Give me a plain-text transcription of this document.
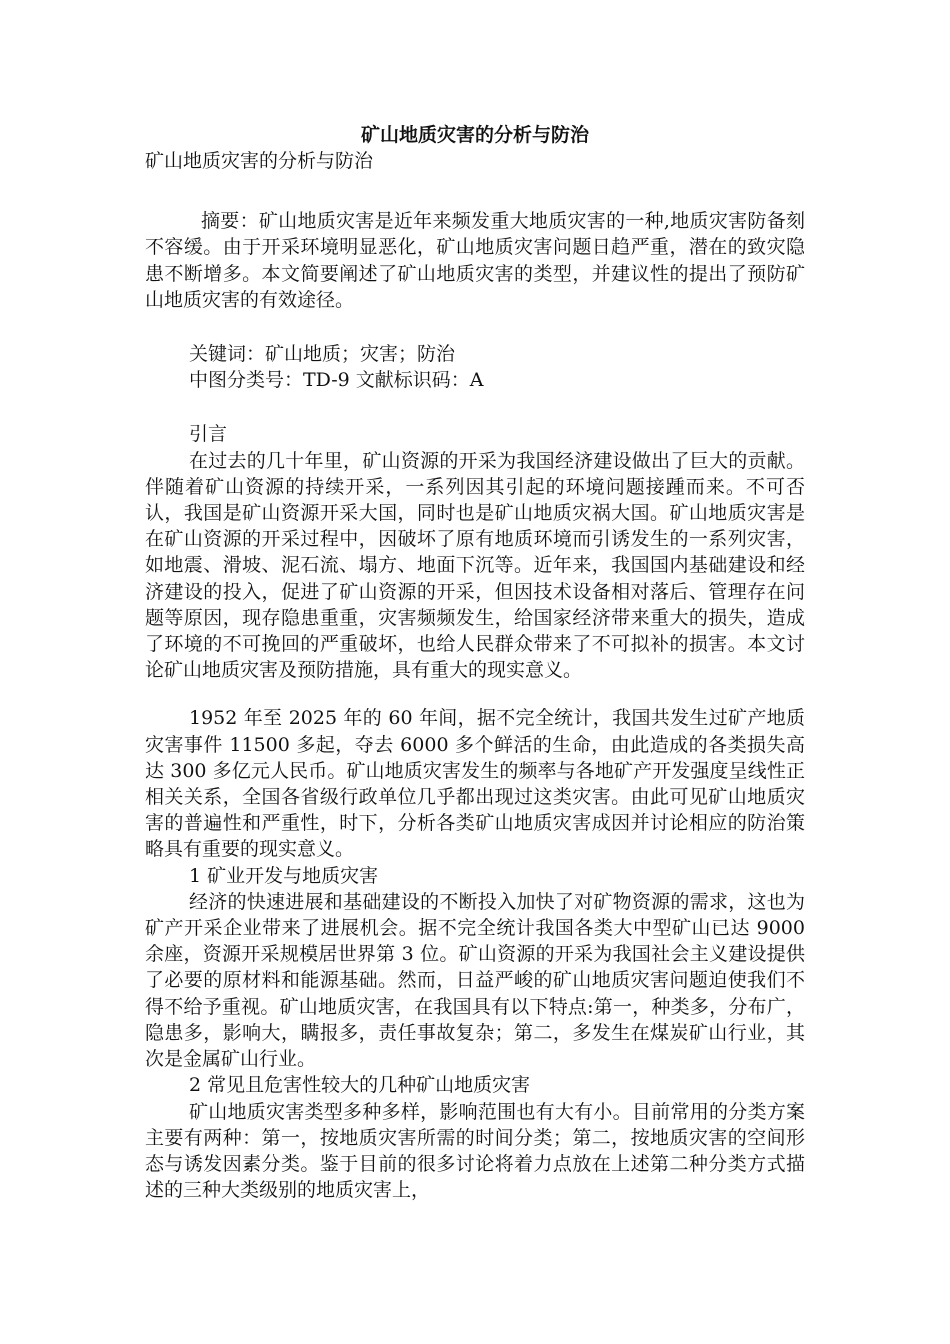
矿山地质灾害的分析与防治
矿山地质灾害的分析与防治
摘要：矿山地质灾害是近年来频发重大地质灾害的一种,地质灾害防备刻不容缓。由于开采环境明显恶化，矿山地质灾害问题日趋严重，潜在的致灾隐患不断增多。本文简要阐述了矿山地质灾害的类型，并建议性的提出了预防矿山地质灾害的有效途径。
关键词：矿山地质；灾害；防治
中图分类号：TD-9 文献标识码：A
引言
在过去的几十年里，矿山资源的开采为我国经济建设做出了巨大的贡献。伴随着矿山资源的持续开采，一系列因其引起的环境问题接踵而来。不可否认，我国是矿山资源开采大国，同时也是矿山地质灾祸大国。矿山地质灾害是在矿山资源的开采过程中，因破坏了原有地质环境而引诱发生的一系列灾害，如地震、滑坡、泥石流、塌方、地面下沉等。近年来，我国国内基础建设和经济建设的投入，促进了矿山资源的开采，但因技术设备相对落后、管理存在问题等原因，现存隐患重重，灾害频频发生，给国家经济带来重大的损失，造成了环境的不可挽回的严重破坏，也给人民群众带来了不可拟补的损害。本文讨论矿山地质灾害及预防措施，具有重大的现实意义。
1952 年至 2025 年的 60 年间，据不完全统计，我国共发生过矿产地质灾害事件 11500 多起，夺去 6000 多个鲜活的生命，由此造成的各类损失高达 300 多亿元人民币。矿山地质灾害发生的频率与各地矿产开发强度呈线性正相关关系，全国各省级行政单位几乎都出现过这类灾害。由此可见矿山地质灾害的普遍性和严重性，时下，分析各类矿山地质灾害成因并讨论相应的防治策略具有重要的现实意义。
1 矿业开发与地质灾害
经济的快速进展和基础建设的不断投入加快了对矿物资源的需求，这也为矿产开采企业带来了进展机会。据不完全统计我国各类大中型矿山已达 9000 余座，资源开采规模居世界第 3 位。矿山资源的开采为我国社会主义建设提供了必要的原材料和能源基础。然而，日益严峻的矿山地质灾害问题迫使我们不得不给予重视。矿山地质灾害，在我国具有以下特点:第一，种类多，分布广，隐患多，影响大，瞒报多，责任事故复杂；第二，多发生在煤炭矿山行业，其次是金属矿山行业。
2 常见且危害性较大的几种矿山地质灾害
矿山地质灾害类型多种多样，影响范围也有大有小。目前常用的分类方案主要有两种：第一，按地质灾害所需的时间分类；第二，按地质灾害的空间形态与诱发因素分类。鉴于目前的很多讨论将着力点放在上述第二种分类方式描述的三种大类级别的地质灾害上，
